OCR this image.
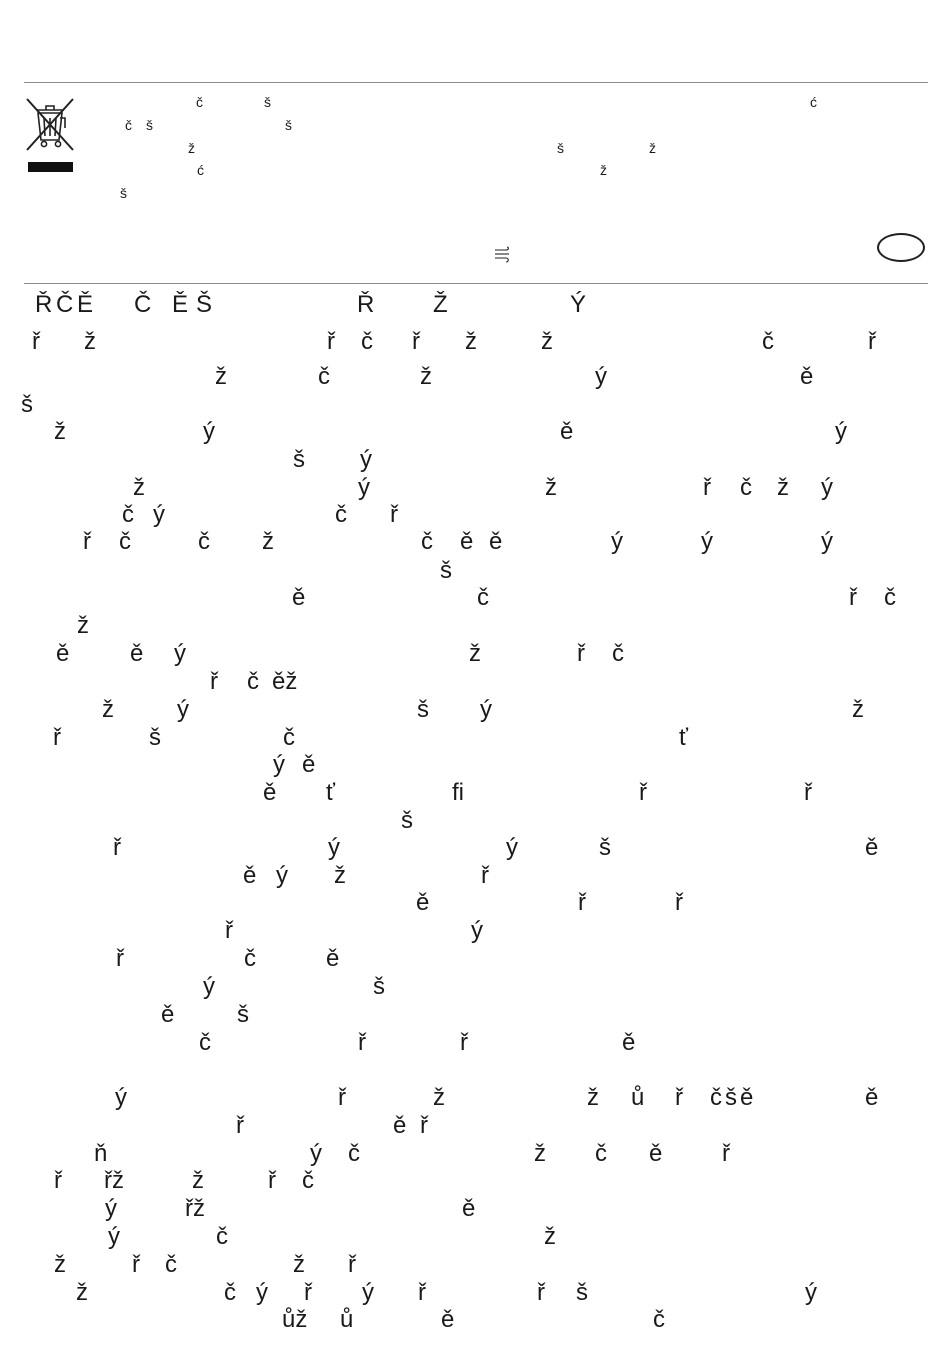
č	š	ć
č š	š
ž	š	ž
ć	ž
š
Ř Č Ě Č Ě Š	Ř Ž	Ý
ř ž	ř č ř ž	ž	č	ř
ž	č	ž	ý	ě
š
ž	ý	ě	ý
š ý
ž	ý	ž	ř č ž ý
č ý	č ř
ř č	č ž	č ě ě	ý	ý	ý
š
ě	č	ř č
ž
ě	ě ý	ž	ř č
ř č ěž
ž	ý	š ý	ž
ř	š	č	ť
ý ě
ě ť	fi	ř	ř
š
ř	ý	ý	š	ě
ě ý ž	ř
ě	ř	ř
ř	ý
ř	č	ě
ý	š
ě	š
č	ř	ř	ě
ý	ř	ž	ž ů ř č š ě	ě
ř	ě ř
ň	ý č	ž č ě ř
ř řž	ž	ř č
ý	řž	ě
ý	č	ž
ž	ř č	ž ř
ž	č ý ř ý ř	ř š	ý
ůž ů	ě	č
